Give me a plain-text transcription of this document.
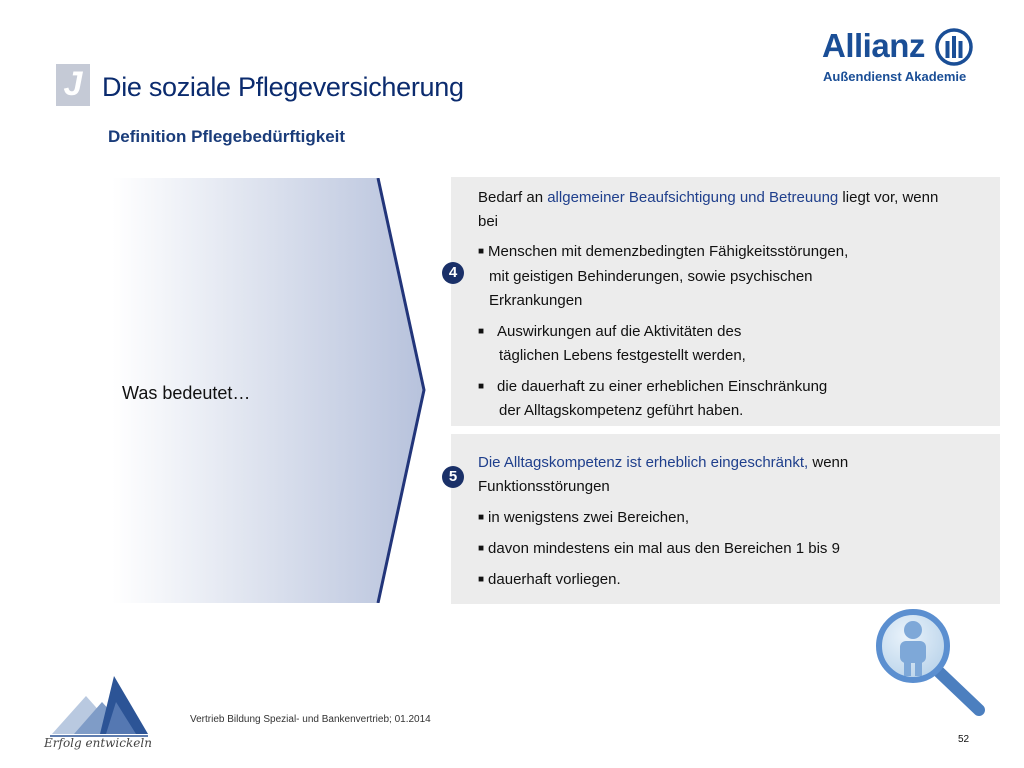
J Die soziale Pflegeversicherung
Definition Pflegebedürftigkeit
Allianz
Außendienst Akademie
Was bedeutet…
4
Bedarf an allgemeiner Beaufsichtigung und Betreuung liegt vor, wenn
bei
■ Menschen mit demenzbedingten Fähigkeitsstörungen,
mit geistigen Behinderungen, sowie psychischen
Erkrankungen
■ Auswirkungen auf die Aktivitäten des
täglichen Lebens festgestellt werden,
■ die dauerhaft zu einer erheblichen Einschränkung
der Alltagskompetenz geführt haben.
5
Die Alltagskompetenz ist erheblich eingeschränkt, wenn
Funktionsstörungen
■ in wenigstens zwei Bereichen,
■ davon mindestens ein mal aus den Bereichen 1 bis 9
■ dauerhaft vorliegen.
Erfolg entwickeln
Vertrieb Bildung Spezial- und Bankenvertrieb; 01.2014
52
